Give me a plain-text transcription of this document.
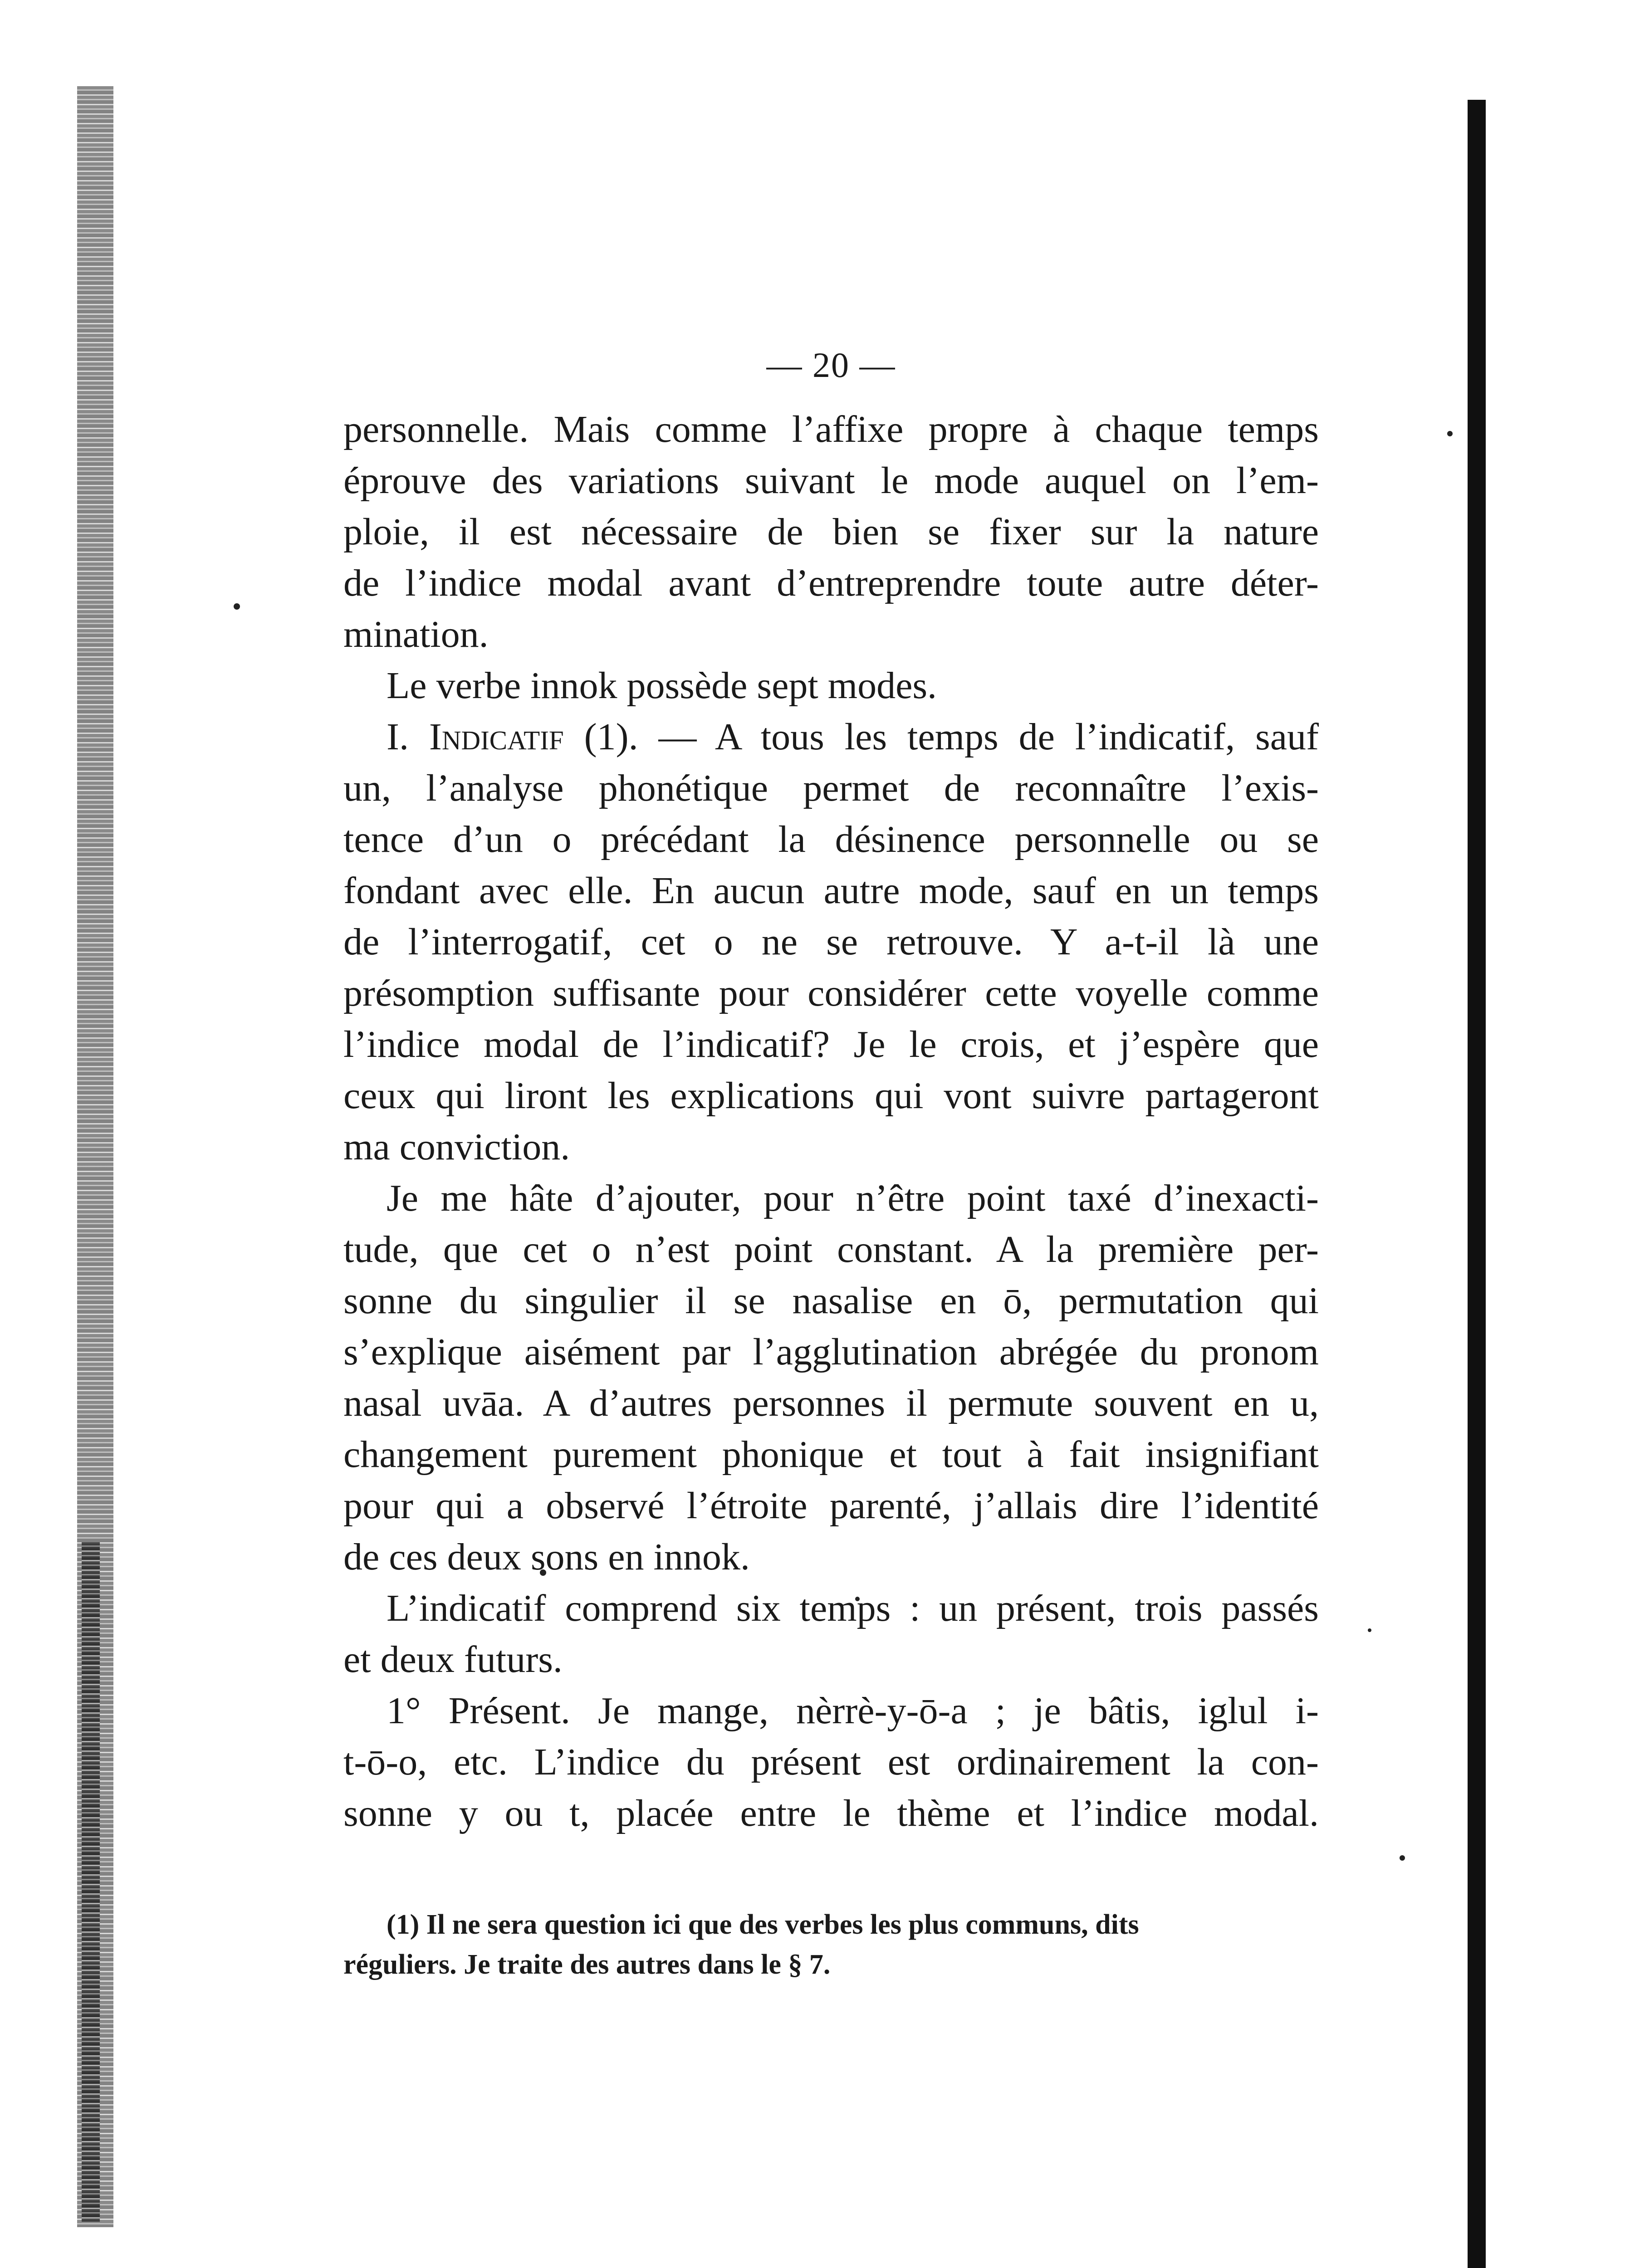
— 20 —
personnelle. Mais comme l’affixe propre à chaque temps
éprouve des variations suivant le mode auquel on l’em-
ploie, il est nécessaire de bien se fixer sur la nature
de l’indice modal avant d’entreprendre toute autre déter-
mination.
Le verbe innok possède sept modes.
I. Indicatif (1). — A tous les temps de l’indicatif, sauf
un, l’analyse phonétique permet de reconnaître l’exis-
tence d’un o précédant la désinence personnelle ou se
fondant avec elle. En aucun autre mode, sauf en un temps
de l’interrogatif, cet o ne se retrouve. Y a-t-il là une
présomption suffisante pour considérer cette voyelle comme
l’indice modal de l’indicatif? Je le crois, et j’espère que
ceux qui liront les explications qui vont suivre partageront
ma conviction.
Je me hâte d’ajouter, pour n’être point taxé d’inexacti-
tude, que cet o n’est point constant. A la première per-
sonne du singulier il se nasalise en ō, permutation qui
s’explique aisément par l’agglutination abrégée du pronom
nasal uvāa. A d’autres personnes il permute souvent en u,
changement purement phonique et tout à fait insignifiant
pour qui a observé l’étroite parenté, j’allais dire l’identité
de ces deux sons en innok.
L’indicatif comprend six temps : un présent, trois passés
et deux futurs.
1° Présent. Je mange, nèrrè-y-ō-a ; je bâtis, iglul i-
t-ō-o, etc. L’indice du présent est ordinairement la con-
sonne y ou t, placée entre le thème et l’indice modal.
(1) Il ne sera question ici que des verbes les plus communs, dits
réguliers. Je traite des autres dans le § 7.
